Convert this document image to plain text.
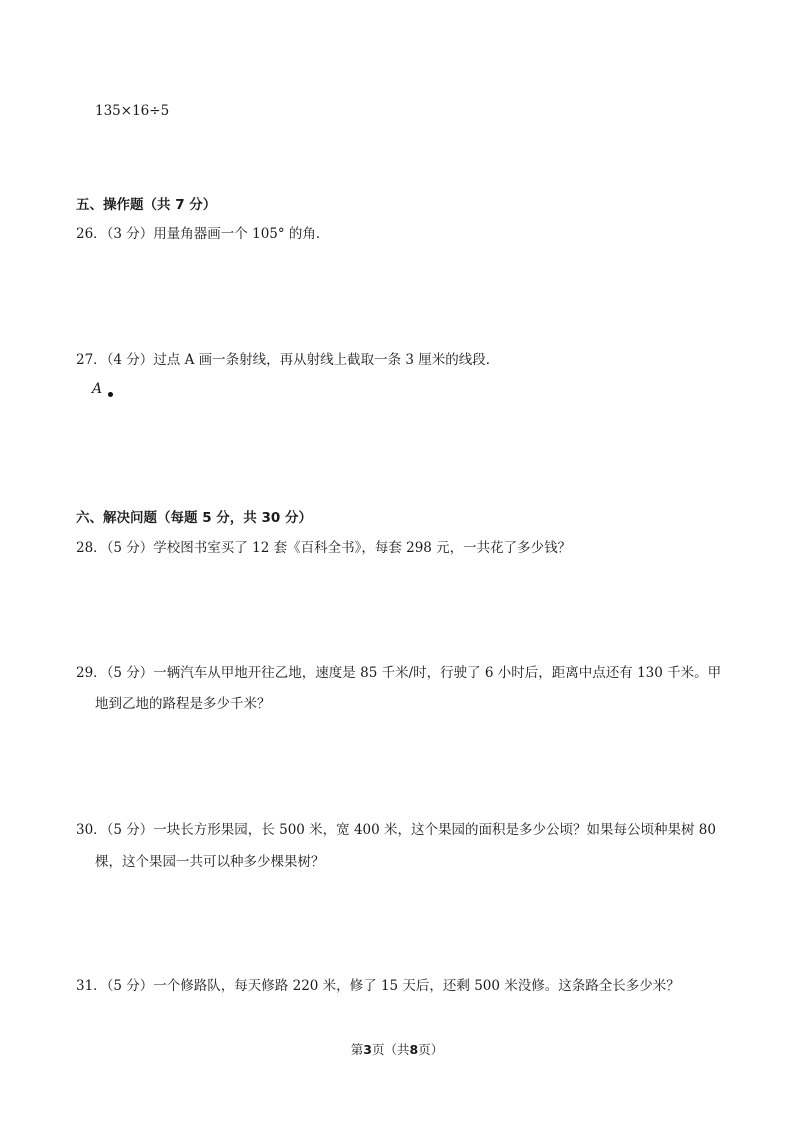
135×16÷5
五、操作题（共 7 分）
26．（3 分）用量角器画一个 105° 的角．
27．（4 分）过点 A 画一条射线，再从射线上截取一条 3 厘米的线段．
A
六、解决问题（每题 5 分，共 30 分）
28．（5 分）学校图书室买了 12 套《百科全书》，每套 298 元，一共花了多少钱？
29．（5 分）一辆汽车从甲地开往乙地，速度是 85 千米/时，行驶了 6 小时后，距离中点还有 130 千米。甲
地到乙地的路程是多少千米？
30．（5 分）一块长方形果园，长 500 米，宽 400 米，这个果园的面积是多少公顷？如果每公顷种果树 80
棵，这个果园一共可以种多少棵果树？
31．（5 分）一个修路队，每天修路 220 米，修了 15 天后，还剩 500 米没修。这条路全长多少米？
第3页（共8页）
